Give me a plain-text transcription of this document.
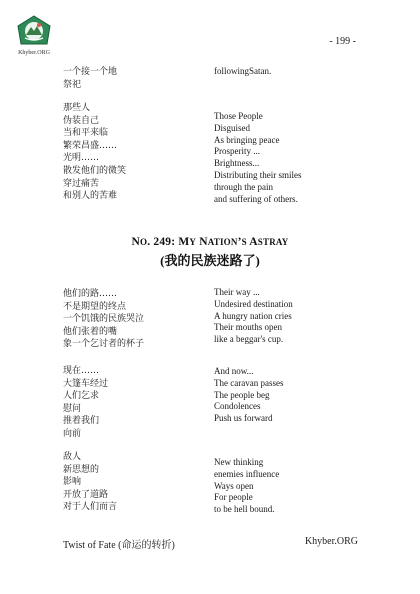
Khyber.ORG
- 199 -
一个接一个地
祭祀
followingSatan.
那些人
伪装自己
当和平来临
繁荣昌盛……
光明……
散发他们的微笑
穿过痛苦
和别人的苦难
Those People
Disguised
As bringing peace
Prosperity ...
Brightness...
Distributing their smiles
through the pain
and suffering of others.
NO. 249: MY NATION’S ASTRAY
(我的民族迷路了)
他们的路……
不是期望的终点
一个饥饿的民族哭泣
他们张着的嘴
象一个乞讨者的杯子
Their way ...
Undesired destination
A hungry nation cries
Their mouths open
like a beggar's cup.
现在……
大篷车经过
人们乞求
慰问
推着我们
向前
And now...
The caravan passes
The people beg
Condolences
Push us forward
敌人
新思想的
影响
开放了道路
对于人们而言
New thinking
enemies influence
Ways open
For people
to be hell bound.
Twist of Fate (命运的转折)	Khyber.ORG
